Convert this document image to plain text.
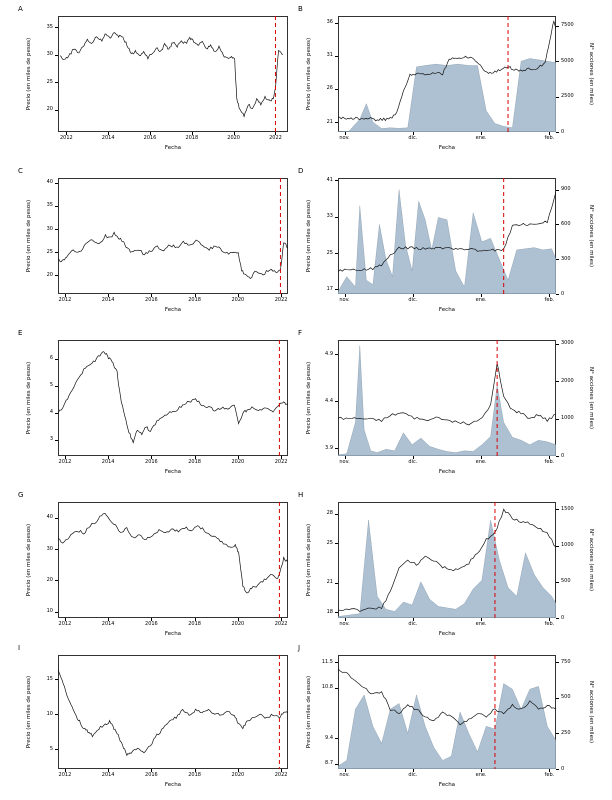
A
20
25
30
35
2012	2014	2016	2018	2020	2022
Fecha
Precio (en miles de pesos)
B
21
26
31
36
0
2500
5000
7500
nov.	dic.	ene.	feb.
Fecha
Precio (en miles de pesos)	N° acciones (en miles)
C
20
25
30
35
40
2012	2014	2016	2018	2020	2022
Fecha
Precio (en miles de pesos)
D
17
25
33
41
0
300
600
900
nov.	dic.	ene.	feb.
Fecha
Precio (en miles de pesos)	N° acciones (en miles)
E
3
4
5
6
2012	2014	2016	2018	2020	2022
Fecha
Precio (en miles de pesos)
F
3.9
4.4
4.9
0
1000
2000
3000
nov.	dic.	ene.	feb.
Fecha
Precio (en miles de pesos)	N° acciones (en miles)
G
10
20
30
40
2012	2014	2016	2018	2020	2022
Fecha
Precio (en miles de pesos)
H
18
21
25
28
0
500
1000
1500
nov.	dic.	ene.	feb.
Fecha
Precio (en miles de pesos)	N° acciones (en miles)
I
5
10
15
2012	2014	2016	2018	2020	2022
Fecha
Precio (en miles de pesos)
J
8.7
9.4
10.8
11.5
0
250
500
750
nov.	dic.	ene.	feb.
Fecha
Precio (en miles de pesos)	N° acciones (en miles)
